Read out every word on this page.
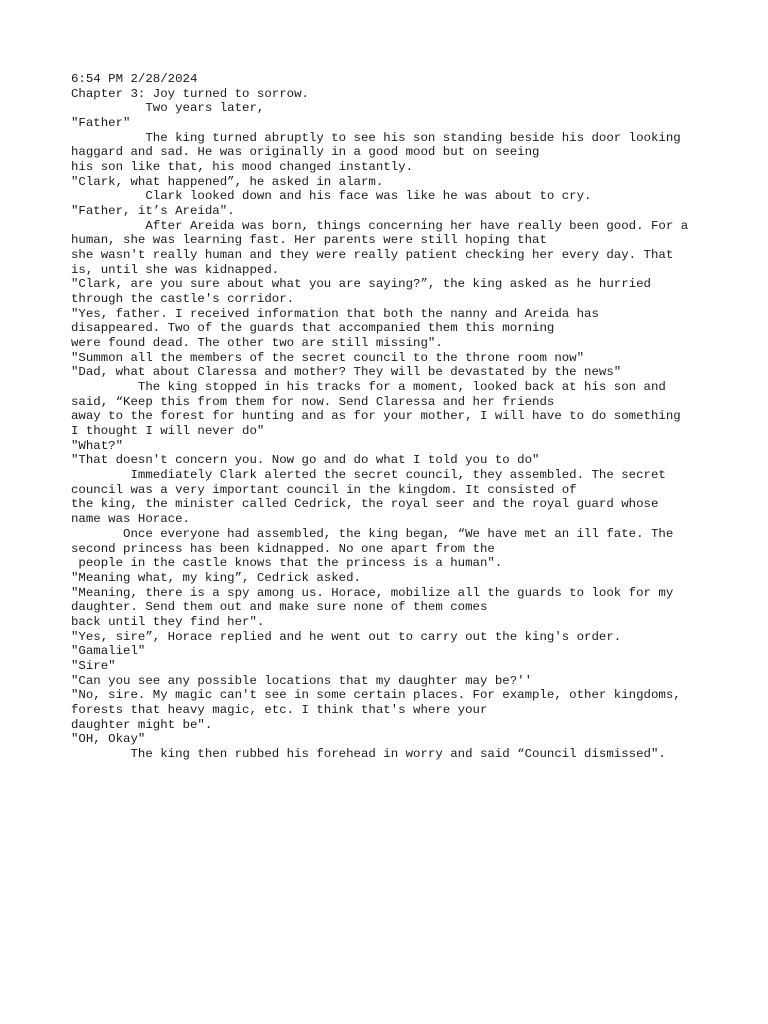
6:54 PM 2/28/2024
Chapter 3: Joy turned to sorrow.
Two years later,
"Father"
The king turned abruptly to see his son standing beside his door looking
haggard and sad. He was originally in a good mood but on seeing
his son like that, his mood changed instantly.
"Clark, what happened”, he asked in alarm.
Clark looked down and his face was like he was about to cry.
"Father, it’s Areida".
After Areida was born, things concerning her have really been good. For a
human, she was learning fast. Her parents were still hoping that
she wasn't really human and they were really patient checking her every day. That
is, until she was kidnapped.
"Clark, are you sure about what you are saying?”, the king asked as he hurried
through the castle's corridor.
"Yes, father. I received information that both the nanny and Areida has
disappeared. Two of the guards that accompanied them this morning
were found dead. The other two are still missing".
"Summon all the members of the secret council to the throne room now"
"Dad, what about Claressa and mother? They will be devastated by the news"
The king stopped in his tracks for a moment, looked back at his son and
said, “Keep this from them for now. Send Claressa and her friends
away to the forest for hunting and as for your mother, I will have to do something
I thought I will never do"
"What?"
"That doesn't concern you. Now go and do what I told you to do"
Immediately Clark alerted the secret council, they assembled. The secret
council was a very important council in the kingdom. It consisted of
the king, the minister called Cedrick, the royal seer and the royal guard whose
name was Horace.
Once everyone had assembled, the king began, “We have met an ill fate. The
second princess has been kidnapped. No one apart from the
people in the castle knows that the princess is a human".
"Meaning what, my king”, Cedrick asked.
"Meaning, there is a spy among us. Horace, mobilize all the guards to look for my
daughter. Send them out and make sure none of them comes
back until they find her".
"Yes, sire”, Horace replied and he went out to carry out the king's order.
"Gamaliel"
"Sire"
"Can you see any possible locations that my daughter may be?''
"No, sire. My magic can't see in some certain places. For example, other kingdoms,
forests that heavy magic, etc. I think that's where your
daughter might be".
"OH, Okay"
The king then rubbed his forehead in worry and said “Council dismissed".
